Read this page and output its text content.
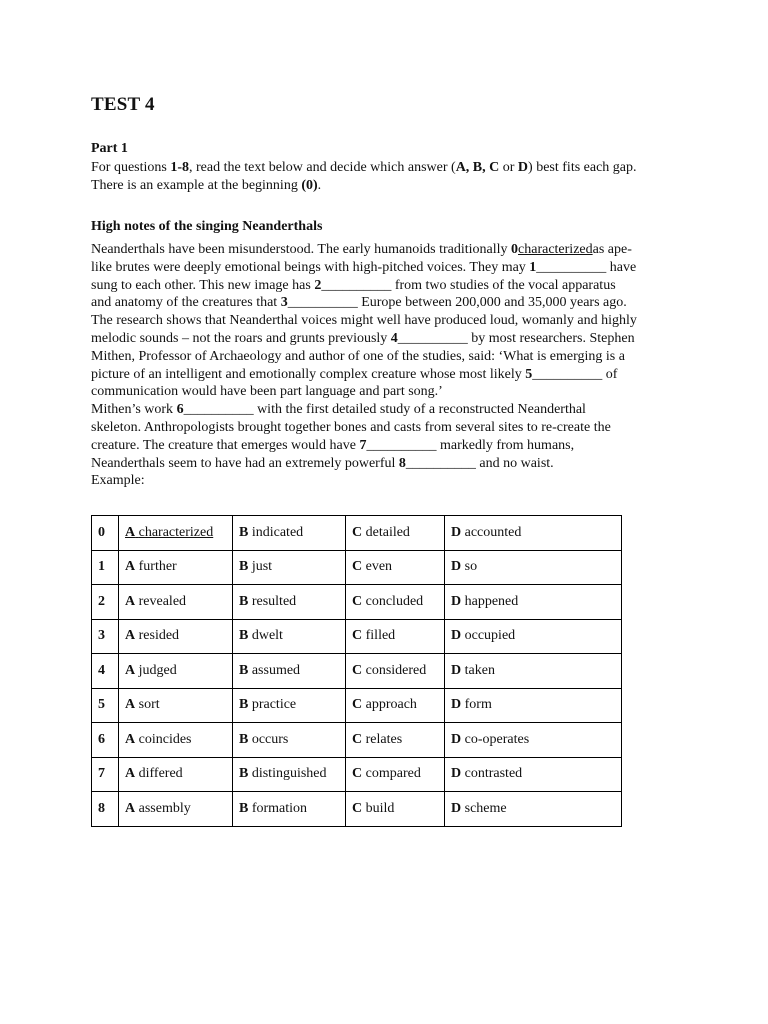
TEST 4
Part 1
For questions 1-8, read the text below and decide which answer (A, B, C or D) best fits each gap.
There is an example at the beginning (0).
High notes of the singing Neanderthals
Neanderthals have been misunderstood. The early humanoids traditionally 0characterizedas ape-
like brutes were deeply emotional beings with high-pitched voices. They may 1__________ have
sung to each other. This new image has 2__________ from two studies of the vocal apparatus
and anatomy of the creatures that 3__________ Europe between 200,000 and 35,000 years ago.
The research shows that Neanderthal voices might well have produced loud, womanly and highly
melodic sounds – not the roars and grunts previously 4__________ by most researchers. Stephen
Mithen, Professor of Archaeology and author of one of the studies, said: ‘What is emerging is a
picture of an intelligent and emotionally complex creature whose most likely 5__________ of
communication would have been part language and part song.’
Mithen’s work 6__________ with the first detailed study of a reconstructed Neanderthal
skeleton. Anthropologists brought together bones and casts from several sites to re-create the
creature. The creature that emerges would have 7__________ markedly from humans,
Neanderthals seem to have had an extremely powerful 8__________ and no waist.
Example:
0	A characterized	B indicated	C detailed	D accounted
1	A further	B just	C even	D so
2	A revealed	B resulted	C concluded	D happened
3	A resided	B dwelt	C filled	D occupied
4	A judged	B assumed	C considered	D taken
5	A sort	B practice	C approach	D form
6	A coincides	B occurs	C relates	D co-operates
7	A differed	B distinguished	C compared	D contrasted
8	A assembly	B formation	C build	D scheme
